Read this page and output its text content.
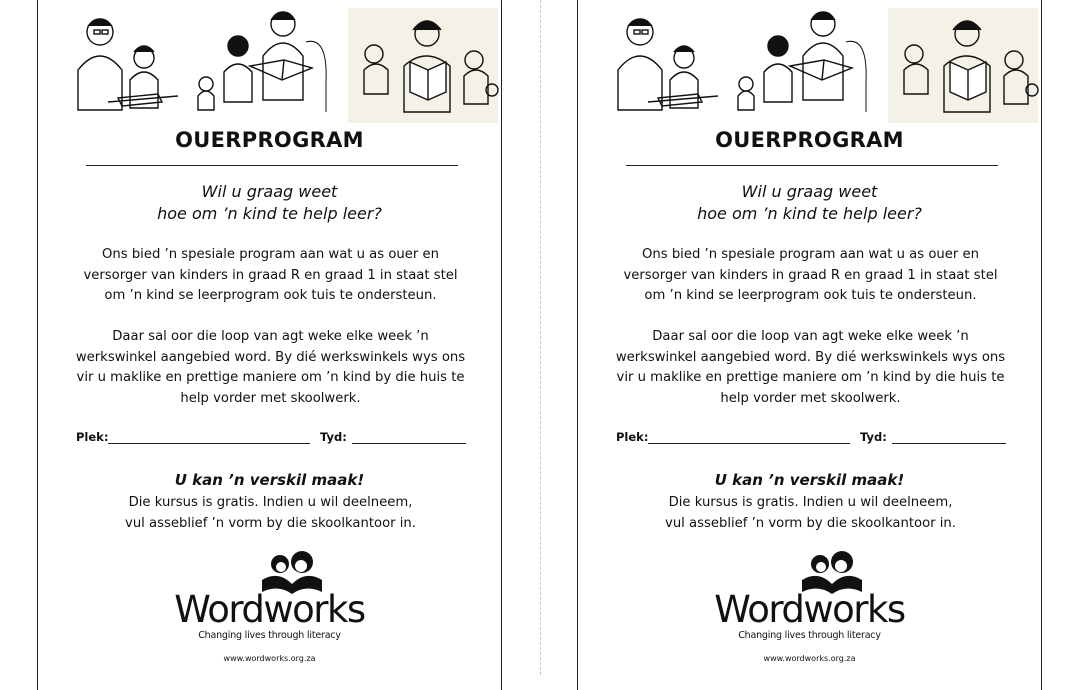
OUERPROGRAM
Wil u graag weet
hoe om ’n kind te help leer?
Ons bied ’n spesiale program aan wat u as ouer en
versorger van kinders in graad R en graad 1 in staat stel
om ’n kind se leerprogram ook tuis te ondersteun.
Daar sal oor die loop van agt weke elke week ’n
werkswinkel aangebied word. By dié werkswinkels wys ons
vir u maklike en prettige maniere om ’n kind by die huis te
help vorder met skoolwerk.
Plek:	Tyd:
U kan ’n verskil maak!
Die kursus is gratis. Indien u wil deelneem,
vul asseblief ’n vorm by die skoolkantoor in.
Wordworks
Changing lives through literacy
www.wordworks.org.za
OUERPROGRAM
Wil u graag weet
hoe om ’n kind te help leer?
Ons bied ’n spesiale program aan wat u as ouer en
versorger van kinders in graad R en graad 1 in staat stel
om ’n kind se leerprogram ook tuis te ondersteun.
Daar sal oor die loop van agt weke elke week ’n
werkswinkel aangebied word. By dié werkswinkels wys ons
vir u maklike en prettige maniere om ’n kind by die huis te
help vorder met skoolwerk.
Plek:	Tyd:
U kan ’n verskil maak!
Die kursus is gratis. Indien u wil deelneem,
vul asseblief ’n vorm by die skoolkantoor in.
Wordworks
Changing lives through literacy
www.wordworks.org.za
